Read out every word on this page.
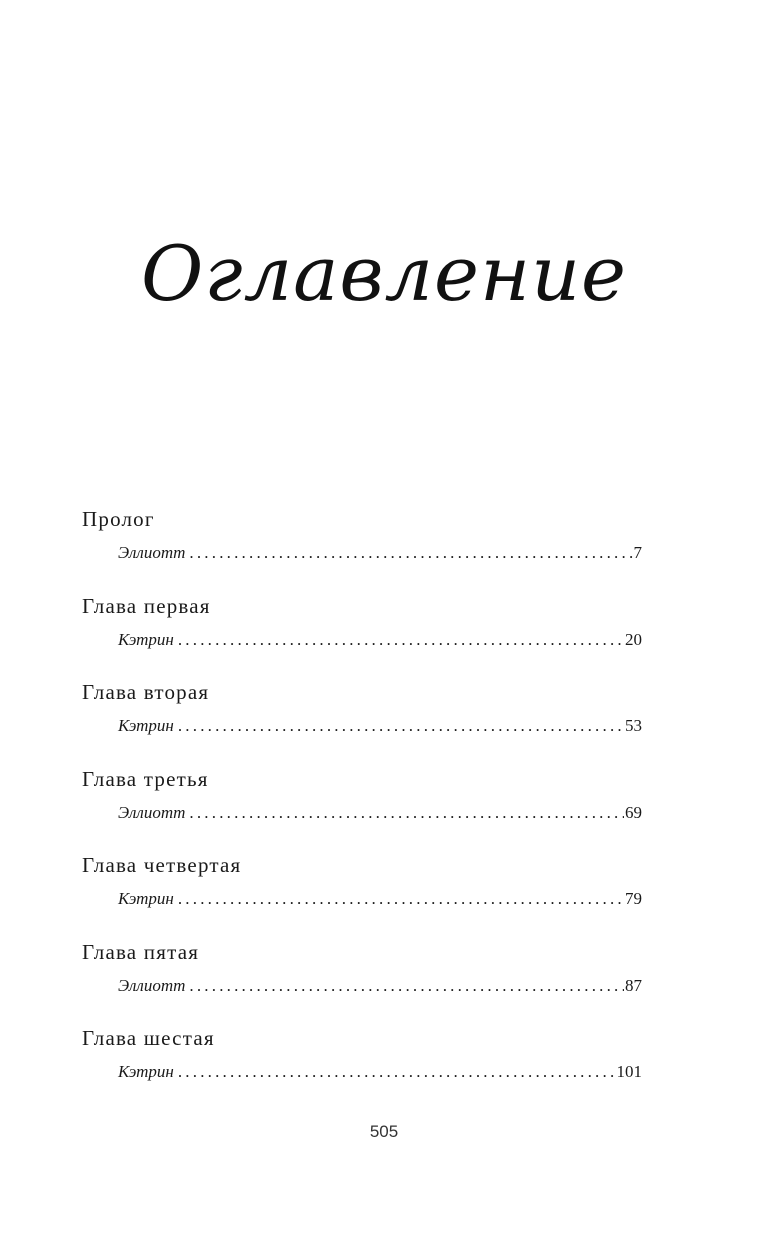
Оглавление
Пролог
Эллиотт .....	7
Глава первая
Кэтрин .....	20
Глава вторая
Кэтрин .....	53
Глава третья
Эллиотт .....	69
Глава четвертая
Кэтрин .....	79
Глава пятая
Эллиотт .....	87
Глава шестая
Кэтрин .....	101
505
